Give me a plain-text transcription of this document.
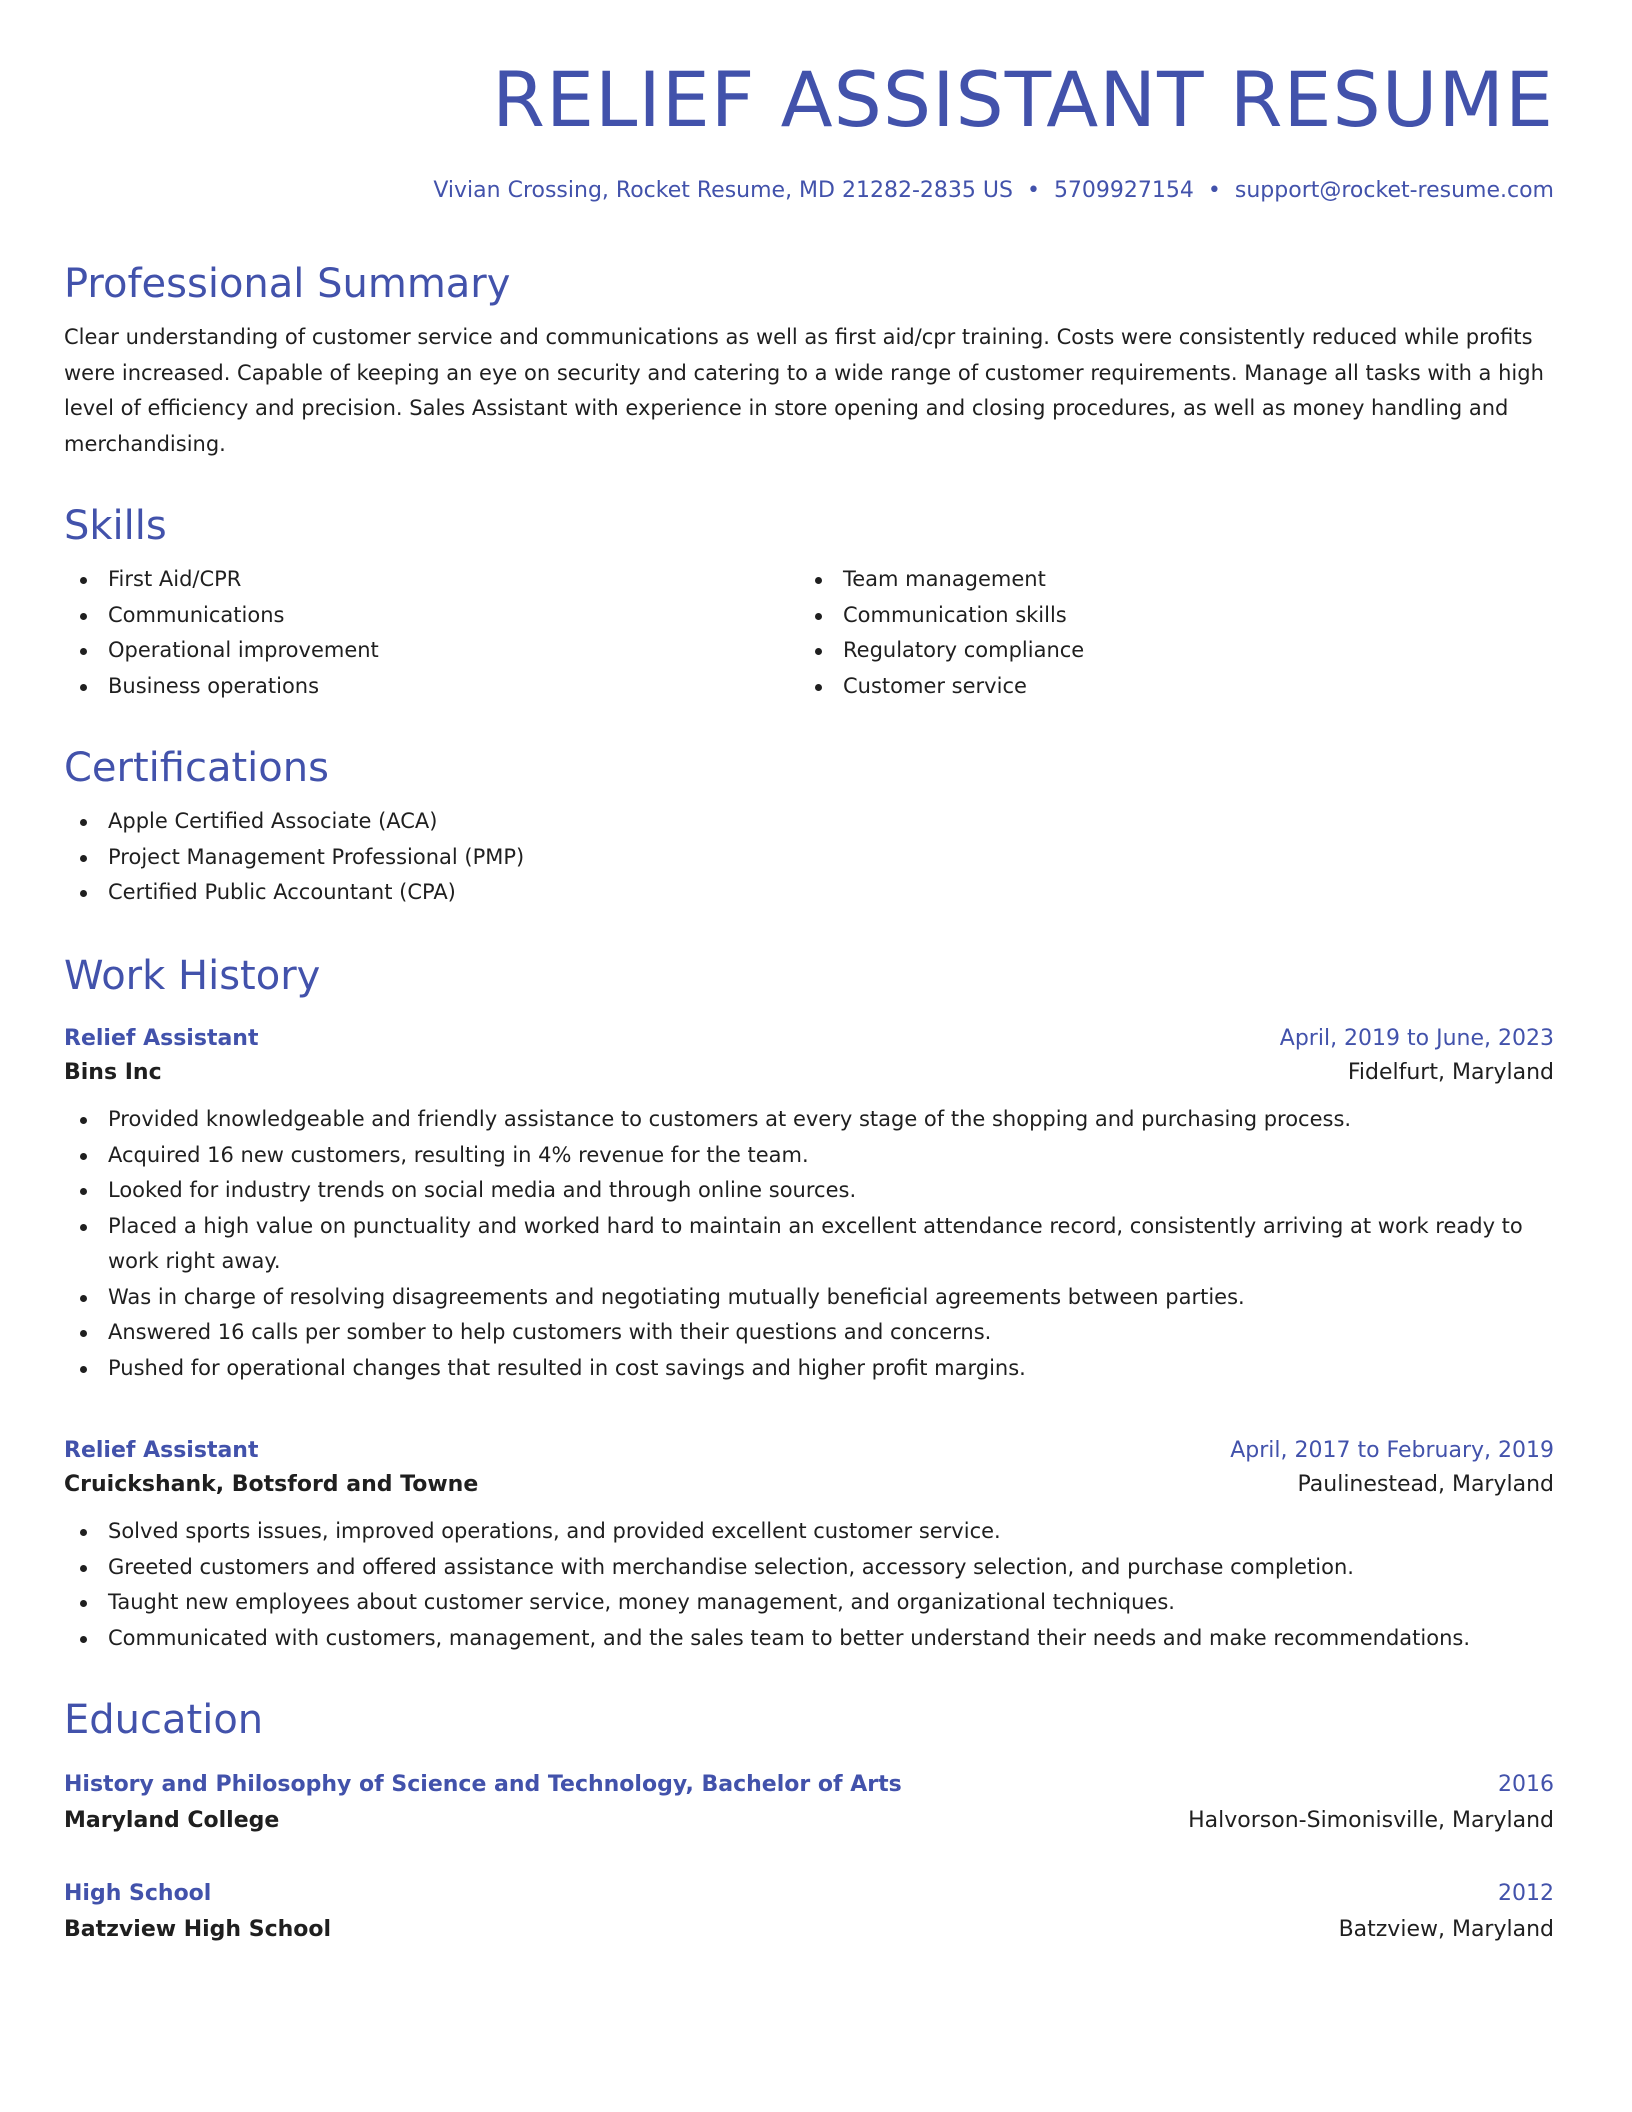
RELIEF ASSISTANT RESUME
Vivian Crossing, Rocket Resume, MD 21282-2835 US • 5709927154 • support@rocket-resume.com
Professional Summary

Clear understanding of customer service and communications as well as first aid/cpr training. Costs were consistently reduced while profits were increased. Capable of keeping an eye on security and catering to a wide range of customer requirements. Manage all tasks with a high level of efficiency and precision. Sales Assistant with experience in store opening and closing procedures, as well as money handling and merchandising.

Skills
First Aid/CPR
Communications
Operational improvement
Business operations
Team management
Communication skills
Regulatory compliance
Customer service
Certifications
Apple Certified Associate (ACA)
Project Management Professional (PMP)
Certified Public Accountant (CPA)
Work History
Relief Assistant	April, 2019 to June, 2023
Bins Inc	Fidelfurt, Maryland
Provided knowledgeable and friendly assistance to customers at every stage of the shopping and purchasing process.
Acquired 16 new customers, resulting in 4% revenue for the team.
Looked for industry trends on social media and through online sources.
Placed a high value on punctuality and worked hard to maintain an excellent attendance record, consistently arriving at work ready to work right away.
Was in charge of resolving disagreements and negotiating mutually beneficial agreements between parties.
Answered 16 calls per somber to help customers with their questions and concerns.
Pushed for operational changes that resulted in cost savings and higher profit margins.
Relief Assistant	April, 2017 to February, 2019
Cruickshank, Botsford and Towne	Paulinestead, Maryland
Solved sports issues, improved operations, and provided excellent customer service.
Greeted customers and offered assistance with merchandise selection, accessory selection, and purchase completion.
Taught new employees about customer service, money management, and organizational techniques.
Communicated with customers, management, and the sales team to better understand their needs and make recommendations.
Education
History and Philosophy of Science and Technology, Bachelor of Arts	2016
Maryland College	Halvorson-Simonisville, Maryland
High School	2012
Batzview High School	Batzview, Maryland
